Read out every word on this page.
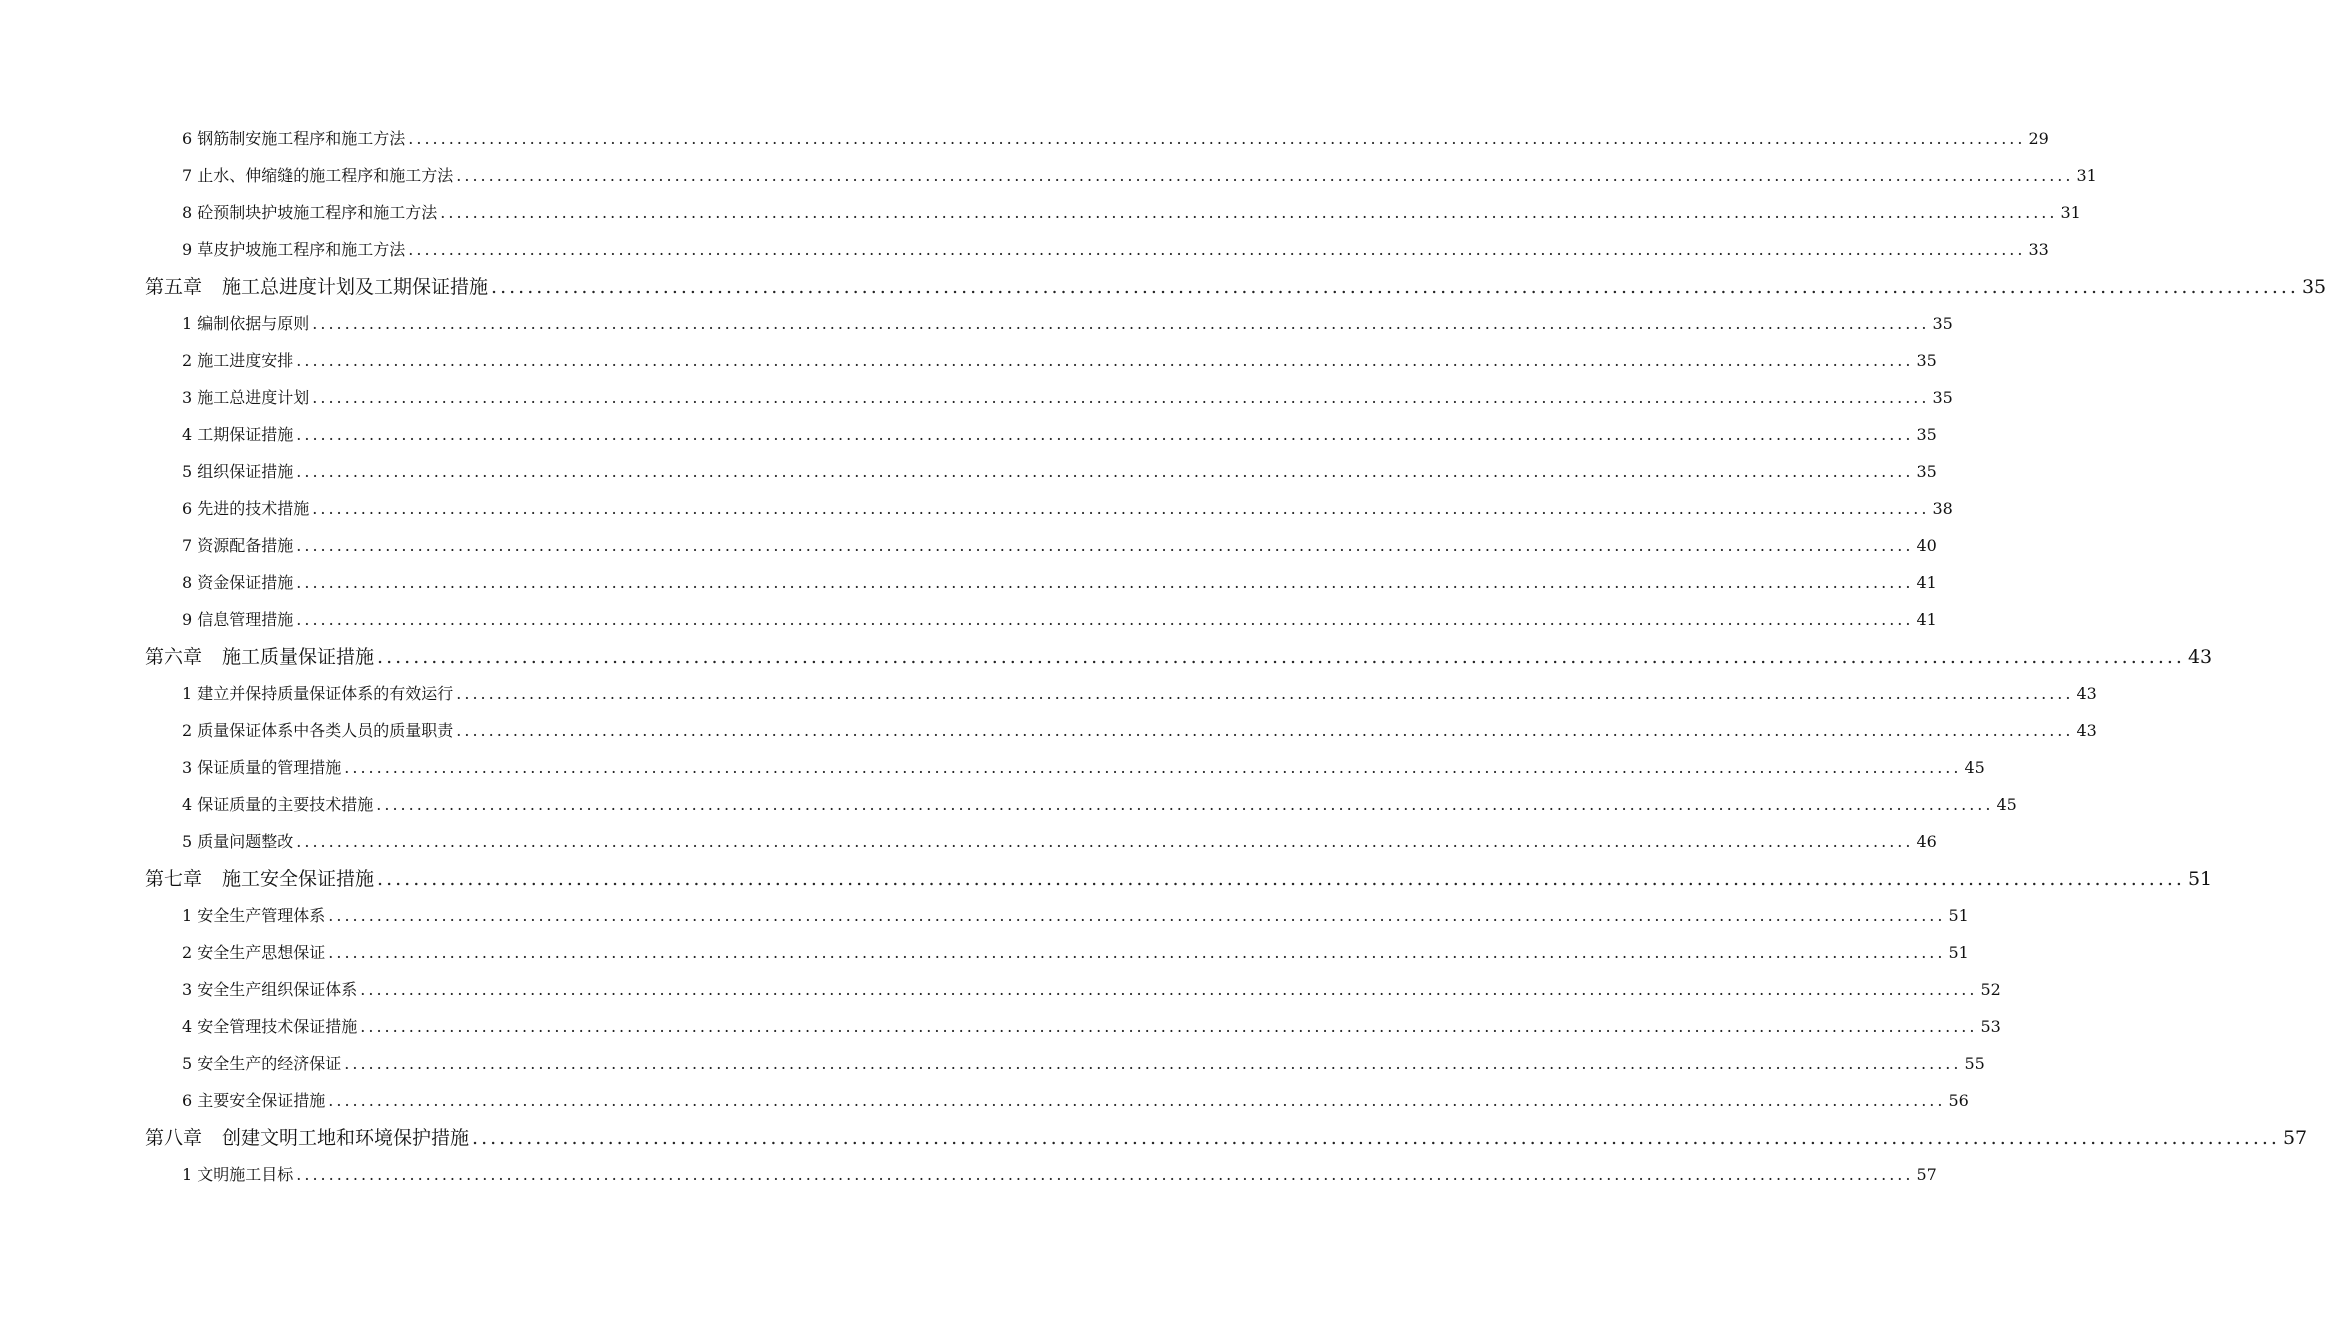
6 钢筋制安施工程序和施工方法 ........................................................................................................................................................................................................ 29
7 止水、伸缩缝的施工程序和施工方法 ........................................................................................................................................................................................................ 31
8 砼预制块护坡施工程序和施工方法 ........................................................................................................................................................................................................ 31
9 草皮护坡施工程序和施工方法 ........................................................................................................................................................................................................ 33
第五章 施工总进度计划及工期保证措施 ........................................................................................................................................................................................................ 35
1 编制依据与原则 ........................................................................................................................................................................................................ 35
2 施工进度安排 ........................................................................................................................................................................................................ 35
3 施工总进度计划 ........................................................................................................................................................................................................ 35
4 工期保证措施 ........................................................................................................................................................................................................ 35
5 组织保证措施 ........................................................................................................................................................................................................ 35
6 先进的技术措施 ........................................................................................................................................................................................................ 38
7 资源配备措施 ........................................................................................................................................................................................................ 40
8 资金保证措施 ........................................................................................................................................................................................................ 41
9 信息管理措施 ........................................................................................................................................................................................................ 41
第六章 施工质量保证措施 ........................................................................................................................................................................................................ 43
1 建立并保持质量保证体系的有效运行 ........................................................................................................................................................................................................ 43
2 质量保证体系中各类人员的质量职责 ........................................................................................................................................................................................................ 43
3 保证质量的管理措施 ........................................................................................................................................................................................................ 45
4 保证质量的主要技术措施 ........................................................................................................................................................................................................ 45
5 质量问题整改 ........................................................................................................................................................................................................ 46
第七章 施工安全保证措施 ........................................................................................................................................................................................................ 51
1 安全生产管理体系 ........................................................................................................................................................................................................ 51
2 安全生产思想保证 ........................................................................................................................................................................................................ 51
3 安全生产组织保证体系 ........................................................................................................................................................................................................ 52
4 安全管理技术保证措施 ........................................................................................................................................................................................................ 53
5 安全生产的经济保证 ........................................................................................................................................................................................................ 55
6 主要安全保证措施 ........................................................................................................................................................................................................ 56
第八章 创建文明工地和环境保护措施 ........................................................................................................................................................................................................ 57
1 文明施工目标 ........................................................................................................................................................................................................ 57
